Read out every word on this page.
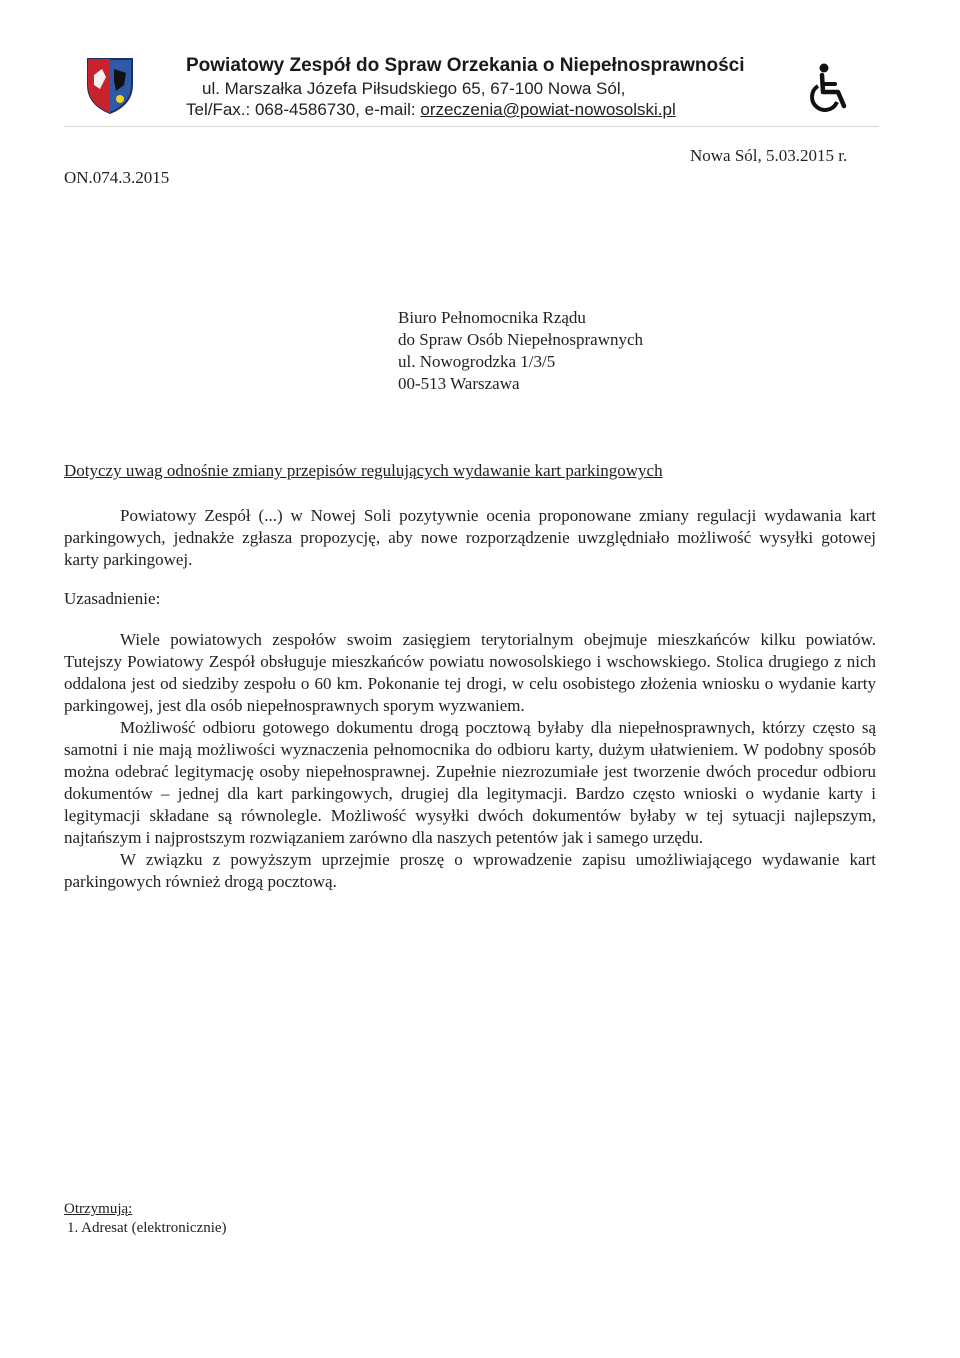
Powiatowy Zespół do Spraw Orzekania o Niepełnosprawności
ul. Marszałka Józefa Piłsudskiego 65, 67-100 Nowa Sól,
Tel/Fax.: 068-4586730, e-mail: orzeczenia@powiat-nowosolski.pl
Nowa Sól, 5.03.2015 r.
ON.074.3.2015
Biuro Pełnomocnika Rządu
do Spraw Osób Niepełnosprawnych
ul. Nowogrodzka 1/3/5
00-513 Warszawa
Dotyczy uwag odnośnie zmiany przepisów regulujących wydawanie kart parkingowych

Powiatowy Zespół (...) w Nowej Soli pozytywnie ocenia proponowane zmiany regulacji wydawania kart parkingowych, jednakże zgłasza propozycję, aby nowe rozporządzenie uwzględniało możliwość wysyłki gotowej karty parkingowej.

Uzasadnienie:

Wiele powiatowych zespołów swoim zasięgiem terytorialnym obejmuje mieszkańców kilku powiatów. Tutejszy Powiatowy Zespół obsługuje mieszkańców powiatu nowosolskiego i wschowskiego. Stolica drugiego z nich oddalona jest od siedziby zespołu o 60 km. Pokonanie tej drogi, w celu osobistego złożenia wniosku o wydanie karty parkingowej, jest dla osób niepełnosprawnych sporym wyzwaniem.

Możliwość odbioru gotowego dokumentu drogą pocztową byłaby dla niepełnosprawnych, którzy często są samotni i nie mają możliwości wyznaczenia pełnomocnika do odbioru karty, dużym ułatwieniem. W podobny sposób można odebrać legitymację osoby niepełnosprawnej. Zupełnie niezrozumiałe jest tworzenie dwóch procedur odbioru dokumentów – jednej dla kart parkingowych, drugiej dla legitymacji. Bardzo często wnioski o wydanie karty i legitymacji składane są równolegle. Możliwość wysyłki dwóch dokumentów byłaby w tej sytuacji najlepszym, najtańszym i najprostszym rozwiązaniem zarówno dla naszych petentów jak i samego urzędu.

W związku z powyższym uprzejmie proszę o wprowadzenie zapisu umożliwiającego wydawanie kart parkingowych również drogą pocztową.

Otrzymują:
1. Adresat (elektronicznie)
